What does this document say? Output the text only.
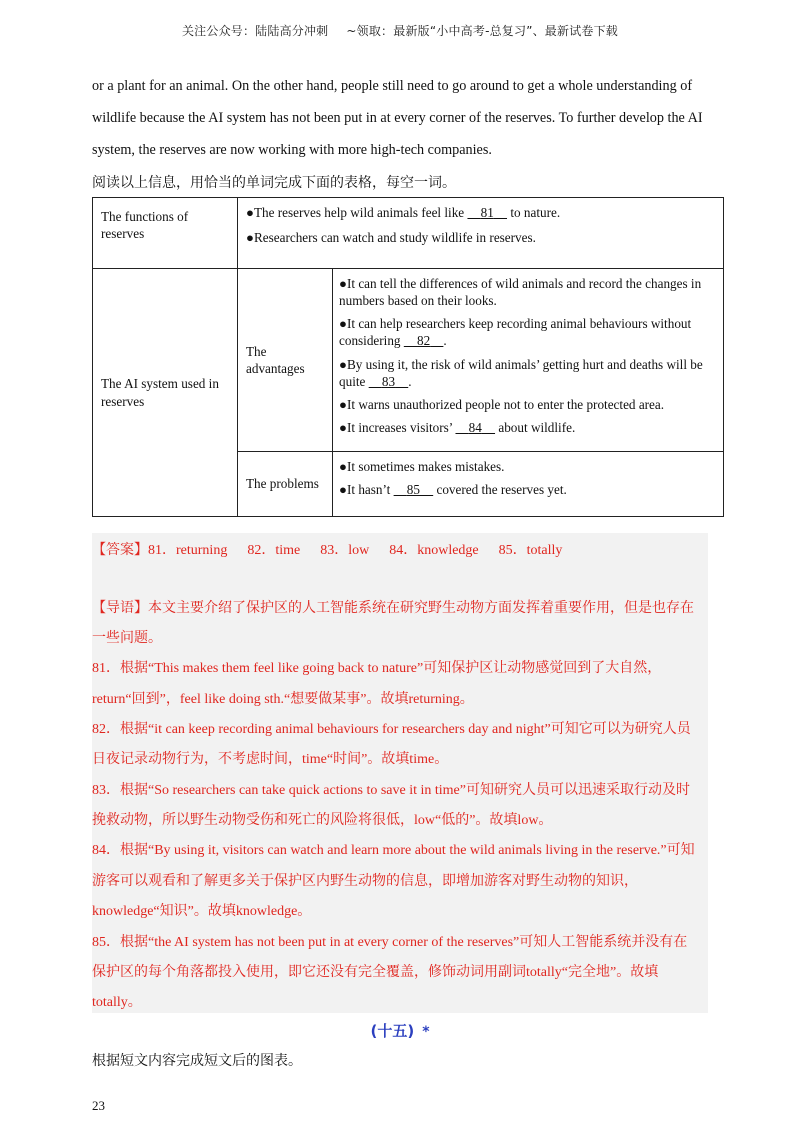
关注公众号：陆陆高分冲刺 ~领取：最新版“小中高考-总复习”、最新试卷下载

or a plant for an animal. On the other hand, people still need to go around to get a whole understanding of

wildlife because the AI system has not been put in at every corner of the reserves. To further develop the AI

system, the reserves are now working with more high-tech companies.

阅读以上信息，用恰当的单词完成下面的表格，每空一词。
The functions of reserves	●The reserves help wild animals feel like     81     to nature.
●Researchers can watch and study wildlife in reserves.	

The AI system used in reserves	The advantages	●It can tell the differences of wild animals and record the changes in numbers based on their looks.
●It can help researchers keep recording animal behaviours without considering     82 .
●By using it, the risk of wild animals’ getting hurt and deaths will be quite     83 .
●It warns unauthorized people not to enter the protected area.
●It increases visitors’     84     about wildlife.

	The problems	●It sometimes makes mistakes.
●It hasn’t     85     covered the reserves yet.
【答案】81．returning 82．time 83．low 84．knowledge 85．totally
【导语】本文主要介绍了保护区的人工智能系统在研究野生动物方面发挥着重要作用，但是也存在
一些问题。
81．根据“This makes them feel like going back to nature”可知保护区让动物感觉回到了大自然，
return“回到”，feel like doing sth.“想要做某事”。故填returning。
82．根据“it can keep recording animal behaviours for researchers day and night”可知它可以为研究人员
日夜记录动物行为，不考虑时间，time“时间”。故填time。
83．根据“So researchers can take quick actions to save it in time”可知研究人员可以迅速采取行动及时
挽救动物，所以野生动物受伤和死亡的风险将很低，low“低的”。故填low。
84．根据“By using it, visitors can watch and learn more about the wild animals living in the reserve.”可知
游客可以观看和了解更多关于保护区内野生动物的信息，即增加游客对野生动物的知识，
knowledge“知识”。故填knowledge。
85．根据“the AI system has not been put in at every corner of the reserves”可知人工智能系统并没有在
保护区的每个角落都投入使用，即它还没有完全覆盖，修饰动词用副词totally“完全地”。故填
totally。
(十五) *
根据短文内容完成短文后的图表。
23
